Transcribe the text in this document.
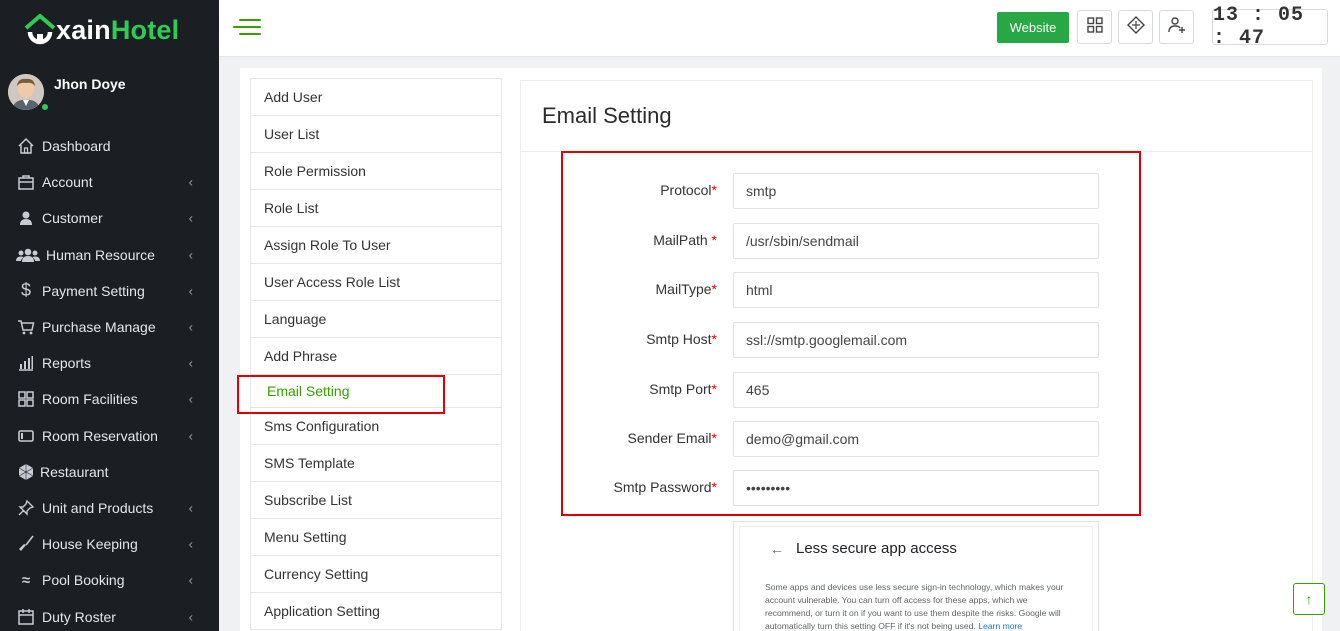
xainHotel
Jhon Doye
Dashboard
Account	‹
Customer	‹
Human Resource	‹
$ Payment Setting	‹
Purchase Manage	‹
Reports	‹
Room Facilities	‹
Room Reservation ‹
Restaurant
Unit and Products	‹
House Keeping	‹
≈ Pool Booking	‹
Duty Roster	‹
Website
13 : 05 : 47
Add User
User List
Role Permission
Role List
Assign Role To User
User Access Role List
Language
Add Phrase
Email Setting
Sms Configuration
SMS Template
Subscribe List
Menu Setting
Currency Setting
Application Setting
Email Setting
Protocol*
smtp
MailPath *
/usr/sbin/sendmail
MailType*
html
Smtp Host*
ssl://smtp.googlemail.com
Smtp Port*
465
Sender Email*
demo@gmail.com
Smtp Password*
•••••••••
← Less secure app access
Some apps and devices use less secure sign-in technology, which makes your account vulnerable. You can turn off access for these apps, which we recommend, or turn it on if you want to use them despite the risks. Google will automatically turn this setting OFF if it's not being used. Learn more
↑
